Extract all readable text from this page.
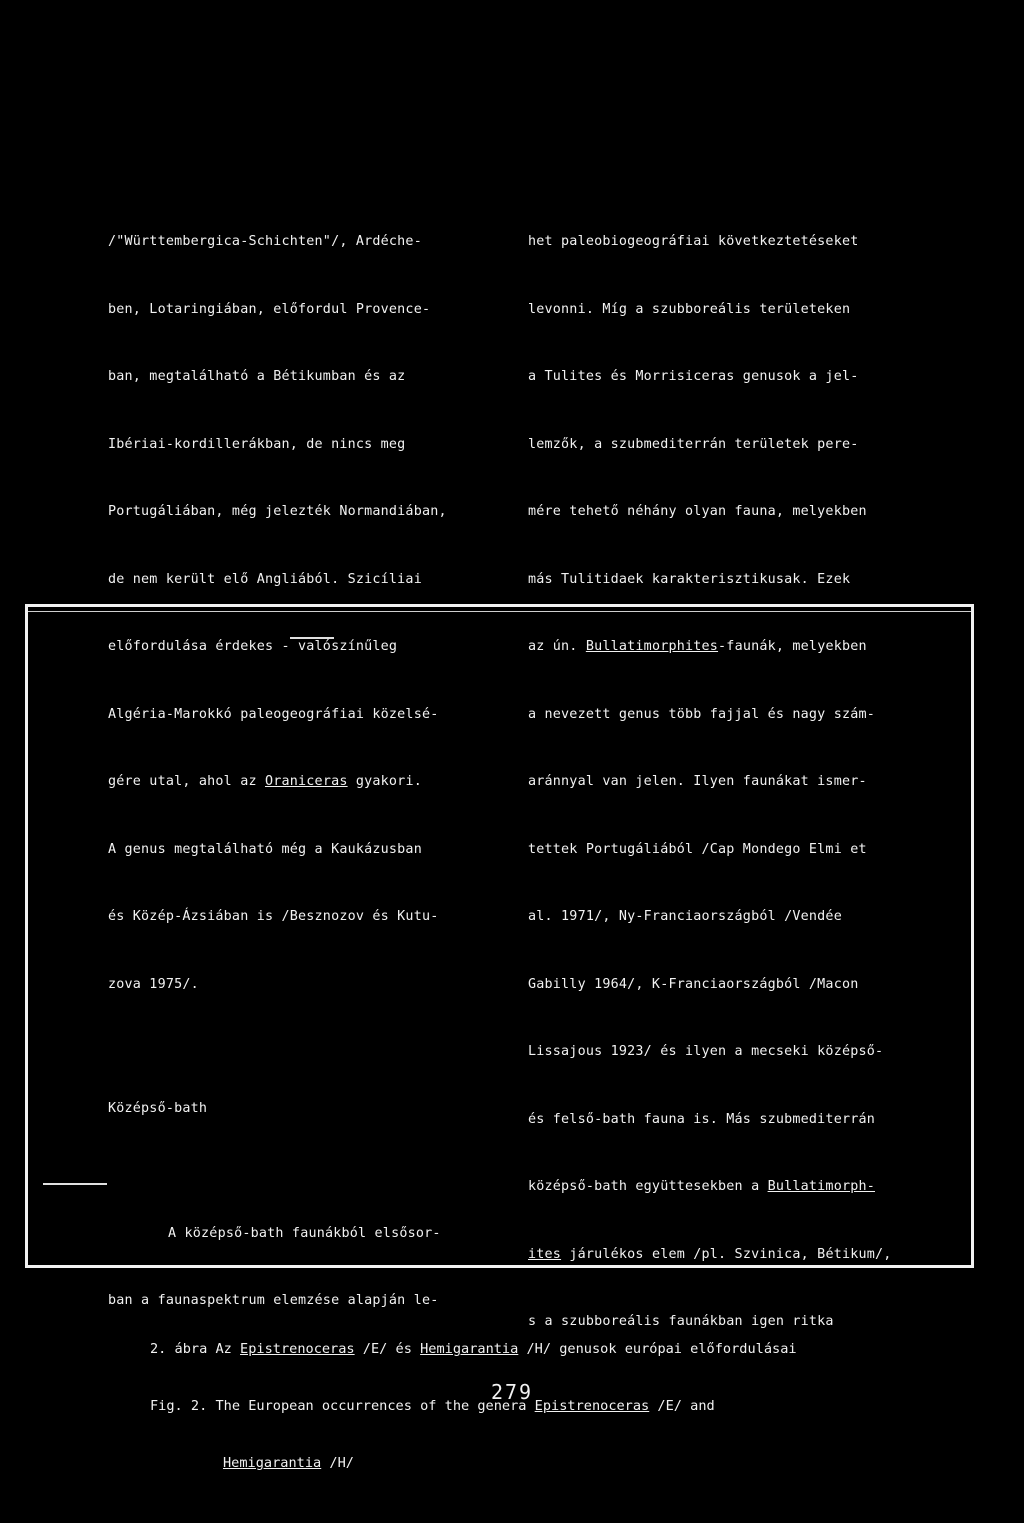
/"Württembergica-Schichten"/, Ardéche-

ben, Lotaringiában, előfordul Provence-

ban, megtalálható a Bétikumban és az

Ibériai-kordillerákban, de nincs meg

Portugáliában, még jelezték Normandiában,

de nem került elő Angliából. Szicíliai

előfordulása érdekes - valószínűleg

Algéria-Marokkó paleogeográfiai közelsé-

gére utal, ahol az Oraniceras gyakori.

A genus megtalálható még a Kaukázusban

és Közép-Ázsiában is /Besznozov és Kutu-

zova 1975/.

Középső-bath

A középső-bath faunákból elsősor-

ban a faunaspektrum elemzése alapján le-

het paleobiogeográfiai következtetéseket

levonni. Míg a szubboreális területeken

a Tulites és Morrisiceras genusok a jel-

lemzők, a szubmediterrán területek pere-

mére tehető néhány olyan fauna, melyekben

más Tulitidaek karakterisztikusak. Ezek

az ún. Bullatimorphites-faunák, melyekben

a nevezett genus több fajjal és nagy szám-

aránnyal van jelen. Ilyen faunákat ismer-

tettek Portugáliából /Cap Mondego Elmi et

al. 1971/, Ny-Franciaországból /Vendée

Gabilly 1964/, K-Franciaországból /Macon

Lissajous 1923/ és ilyen a mecseki középső-

és felső-bath fauna is. Más szubmediterrán

középső-bath együttesekben a Bullatimorph-

ites járulékos elem /pl. Szvinica, Bétikum/,

s a szubboreális faunákban igen ritka

2. ábra Az Epistrenoceras /E/ és Hemigarantia /H/ genusok európai előfordulásai

Fig. 2. The European occurrences of the genera Epistrenoceras /E/ and

Hemigarantia /H/

279
